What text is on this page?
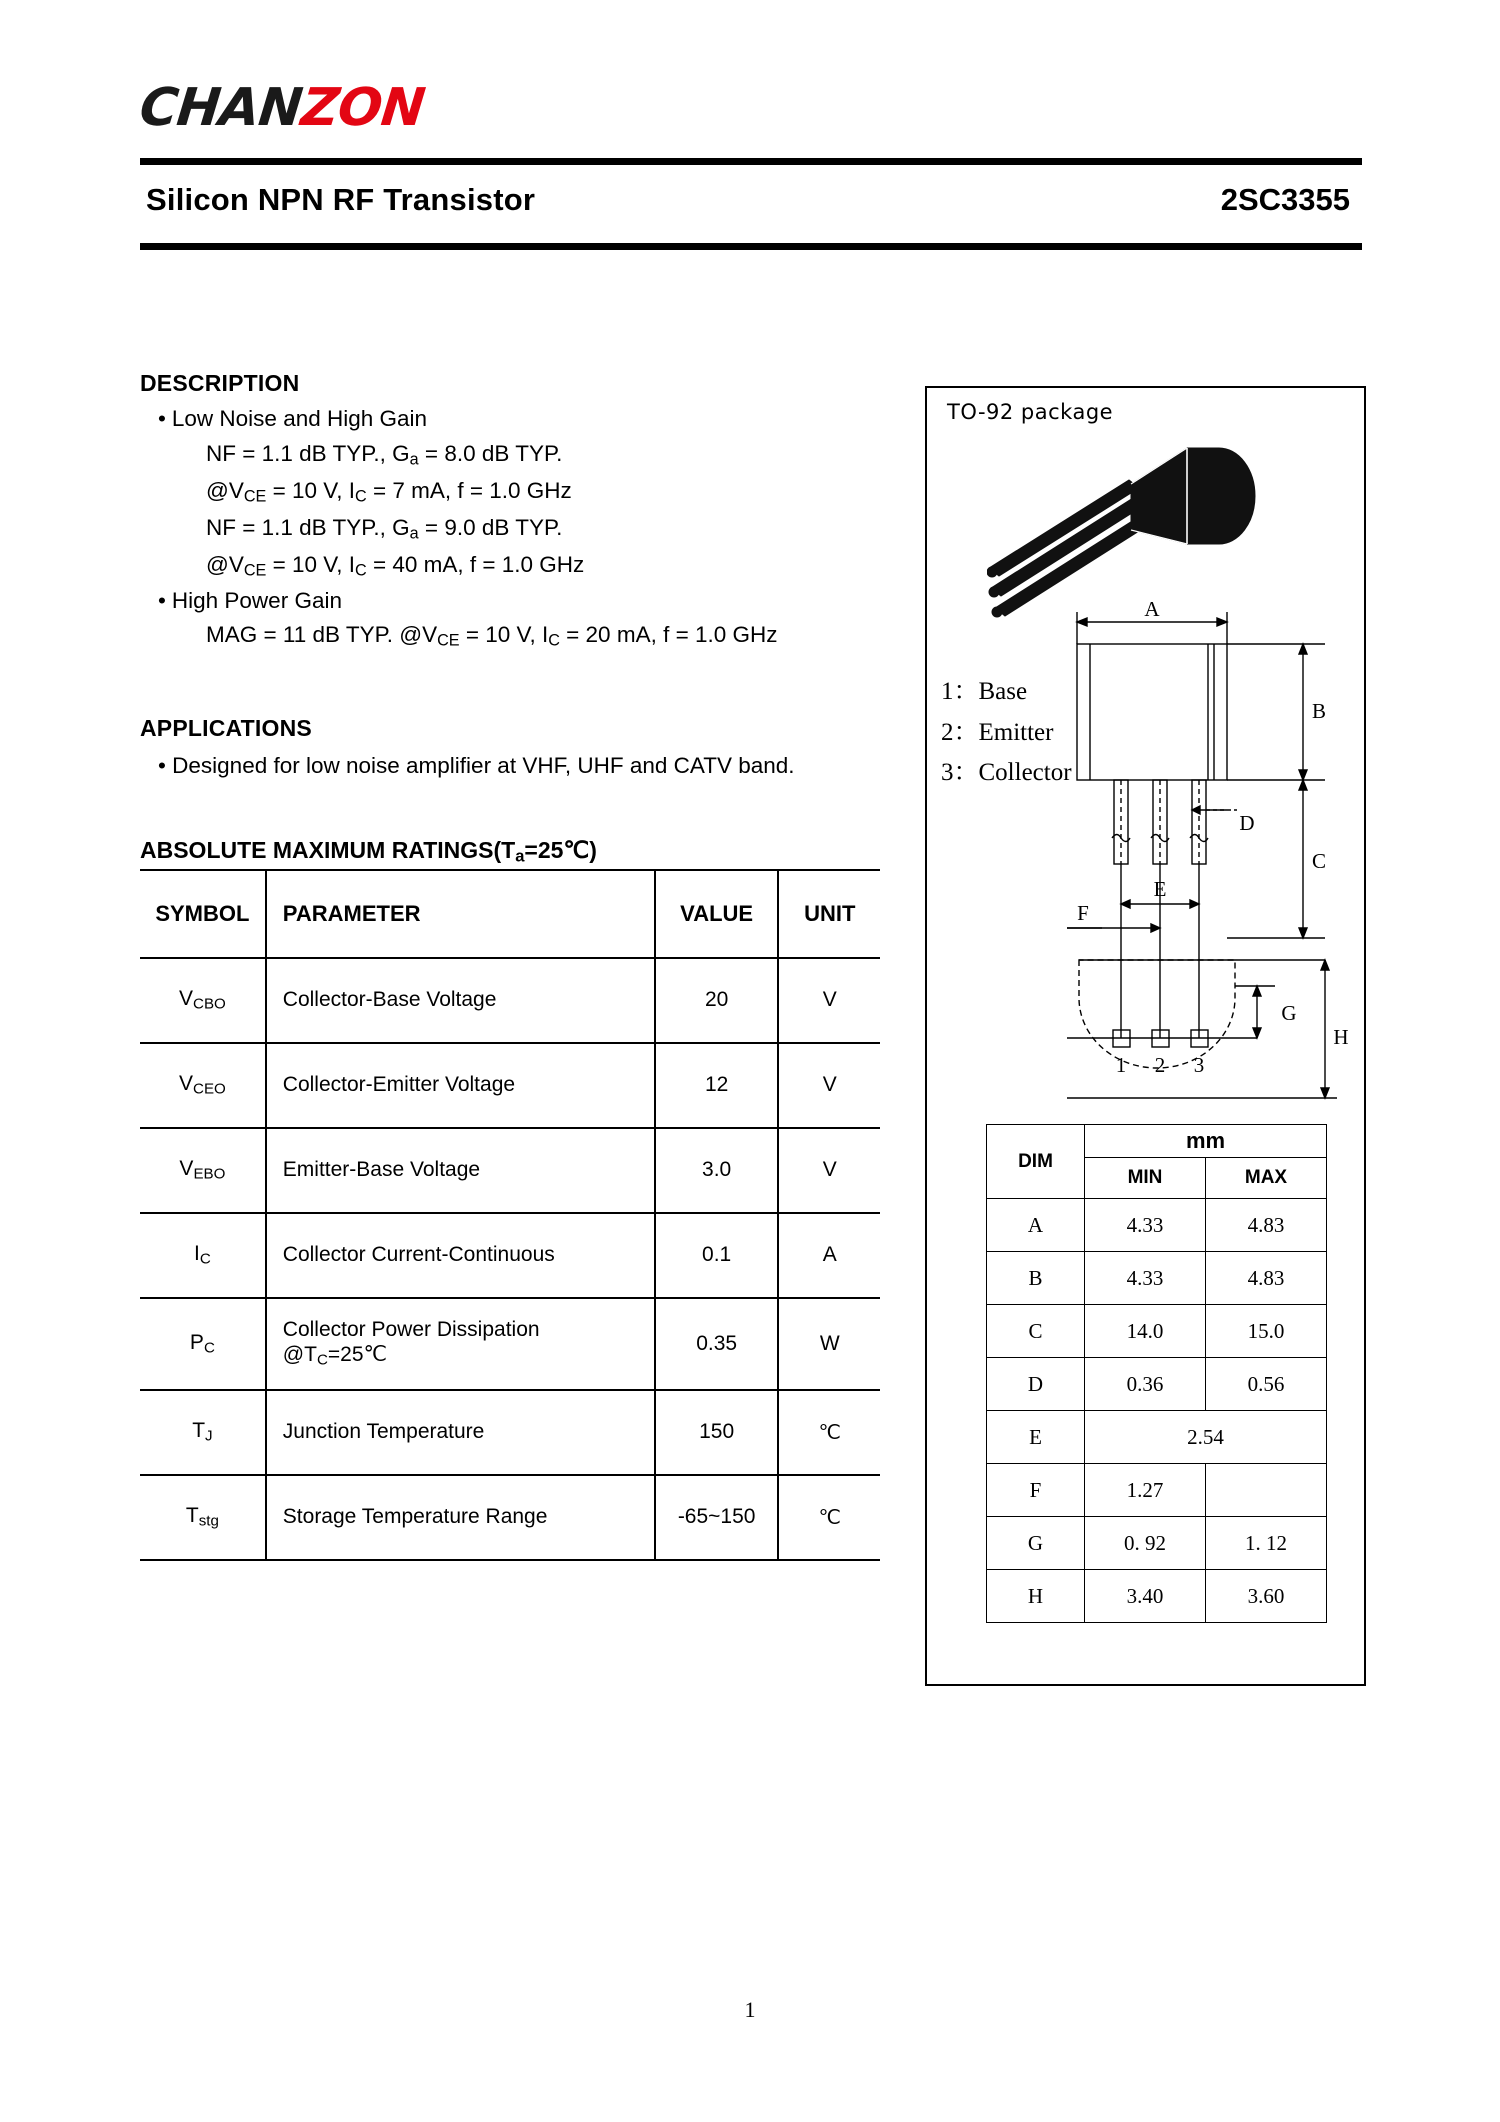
CHANZON
Silicon NPN RF Transistor	2SC3355
DESCRIPTION
• Low Noise and High Gain
NF = 1.1 dB TYP., $G_a = 8.0$ dB TYP.
$@V_{CE} = 10$ V, $I_C = 7$ mA, f = 1.0 GHz
NF = 1.1 dB TYP., $G_a = 9.0$ dB TYP.
$@V_{CE} = 10$ V, $I_C = 40$ mA, f = 1.0 GHz
• High Power Gain
MAG = 11 dB TYP. $@V_{CE} = 10$ V, $I_C = 20$ mA, f = 1.0 GHz
APPLICATIONS
• Designed for low noise amplifier at VHF, UHF and CATV band.
ABSOLUTE MAXIMUM $RATINGS(T_a=25℃)$
SYMBOL	PARAMETER	VALUE	UNIT
$V_{CBO}$	Collector-Base Voltage	20	V
$V_{CEO}$	Collector-Emitter Voltage	12	V
$V_{EBO}$	Emitter-Base Voltage	3.0	V
$I_C$	Collector Current-Continuous	0.1	A
$P_C$	Collector Power Dissipation
$@T_C=25℃$	0.35	W
$T_J$	Junction Temperature	150	℃
$T_{stg}$	Storage Temperature Range	-65~150	℃
TO-92 package
1：Base
2：Emitter
3：Collector
A
B
C
D
E
F
G
H
1 2 3
DIM	mm	
	MIN	MAX
A	4.33	4.83
B	4.33	4.83
C	14.0	15.0
D	0.36	0.56
E	2.54	
F	1.27	
G	0. 92	1. 12
H	3.40	3.60
1
